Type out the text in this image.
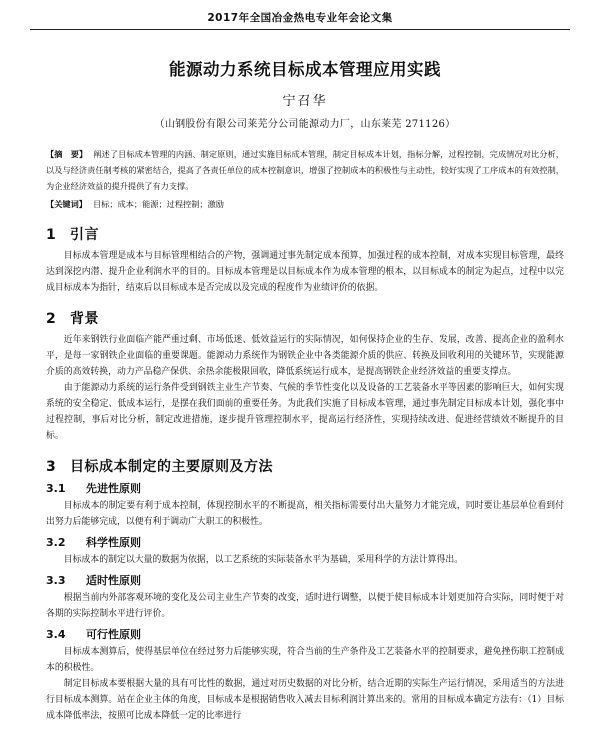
2017年全国冶金热电专业年会论文集
能源动力系统目标成本管理应用实践
宁召华
（山钢股份有限公司莱芜分公司能源动力厂，山东莱芜 271126）
【摘　要】 阐述了目标成本管理的内涵、制定原则，通过实施目标成本管理，制定目标成本计划，指标分解，过程控制，完成情况对比分析，以及与经济责任制考核的紧密结合，提高了各责任单位的成本控制意识，增强了控制成本的积极性与主动性，较好实现了工序成本的有效控制，为企业经济效益的提升提供了有力支撑。
【关键词】 目标；成本；能源；过程控制；激励
1 引言

目标成本管理是成本与目标管理相结合的产物，强调通过事先制定成本预算，加强过程的成本控制，对成本实现目标管理，最终达到深挖内潜、提升企业利润水平的目的。目标成本管理是以目标成本作为成本管理的根本，以目标成本的制定为起点，过程中以完成目标成本为指针，结束后以目标成本是否完成以及完成的程度作为业绩评价的依据。

2 背景

近年来钢铁行业面临产能严重过剩、市场低迷、低效益运行的实际情况，如何保持企业的生存、发展，改善、提高企业的盈利水平，是每一家钢铁企业面临的重要课题。能源动力系统作为钢铁企业中各类能源介质的供应、转换及回收利用的关键环节，实现能源介质的高效转换，动力产品稳产保供、余热余能极限回收，降低系统运行成本，是提高钢铁企业经济效益的重要支撑点。

由于能源动力系统的运行条件受到钢铁主业生产节奏、气候的季节性变化以及设备的工艺装备水平等因素的影响巨大，如何实现系统的安全稳定、低成本运行，是摆在我们面前的重要任务。为此我们实施了目标成本管理，通过事先制定目标成本计划，强化事中过程控制，事后对比分析，制定改进措施，逐步提升管理控制水平，提高运行经济性，实现持续改进、促进经营绩效不断提升的目标。

3 目标成本制定的主要原则及方法
3.1 先进性原则

目标成本的制定要有利于成本控制，体现控制水平的不断提高，相关指标需要付出大量努力才能完成，同时要让基层单位看到付出努力后能够完成，以便有利于调动广大职工的积极性。

3.2 科学性原则

目标成本的制定以大量的数据为依据，以工艺系统的实际装备水平为基础，采用科学的方法计算得出。

3.3 适时性原则

根据当前内外部客观环境的变化及公司主业生产节奏的改变，适时进行调整，以便于使目标成本计划更加符合实际，同时便于对各期的实际控制水平进行评价。

3.4 可行性原则

目标成本测算后，使得基层单位在经过努力后能够实现，符合当前的生产条件及工艺装备水平的控制要求，避免挫伤职工控制成本的积极性。

制定目标成本要根据大量的具有可比性的数据，通过对历史数据的对比分析，结合近期的实际生产运行情况，采用适当的方法进行目标成本测算。站在企业主体的角度，目标成本是根据销售收入减去目标利润计算出来的。常用的目标成本确定方法有：（1）目标成本降低率法，按照可比成本降低一定的比率进行
